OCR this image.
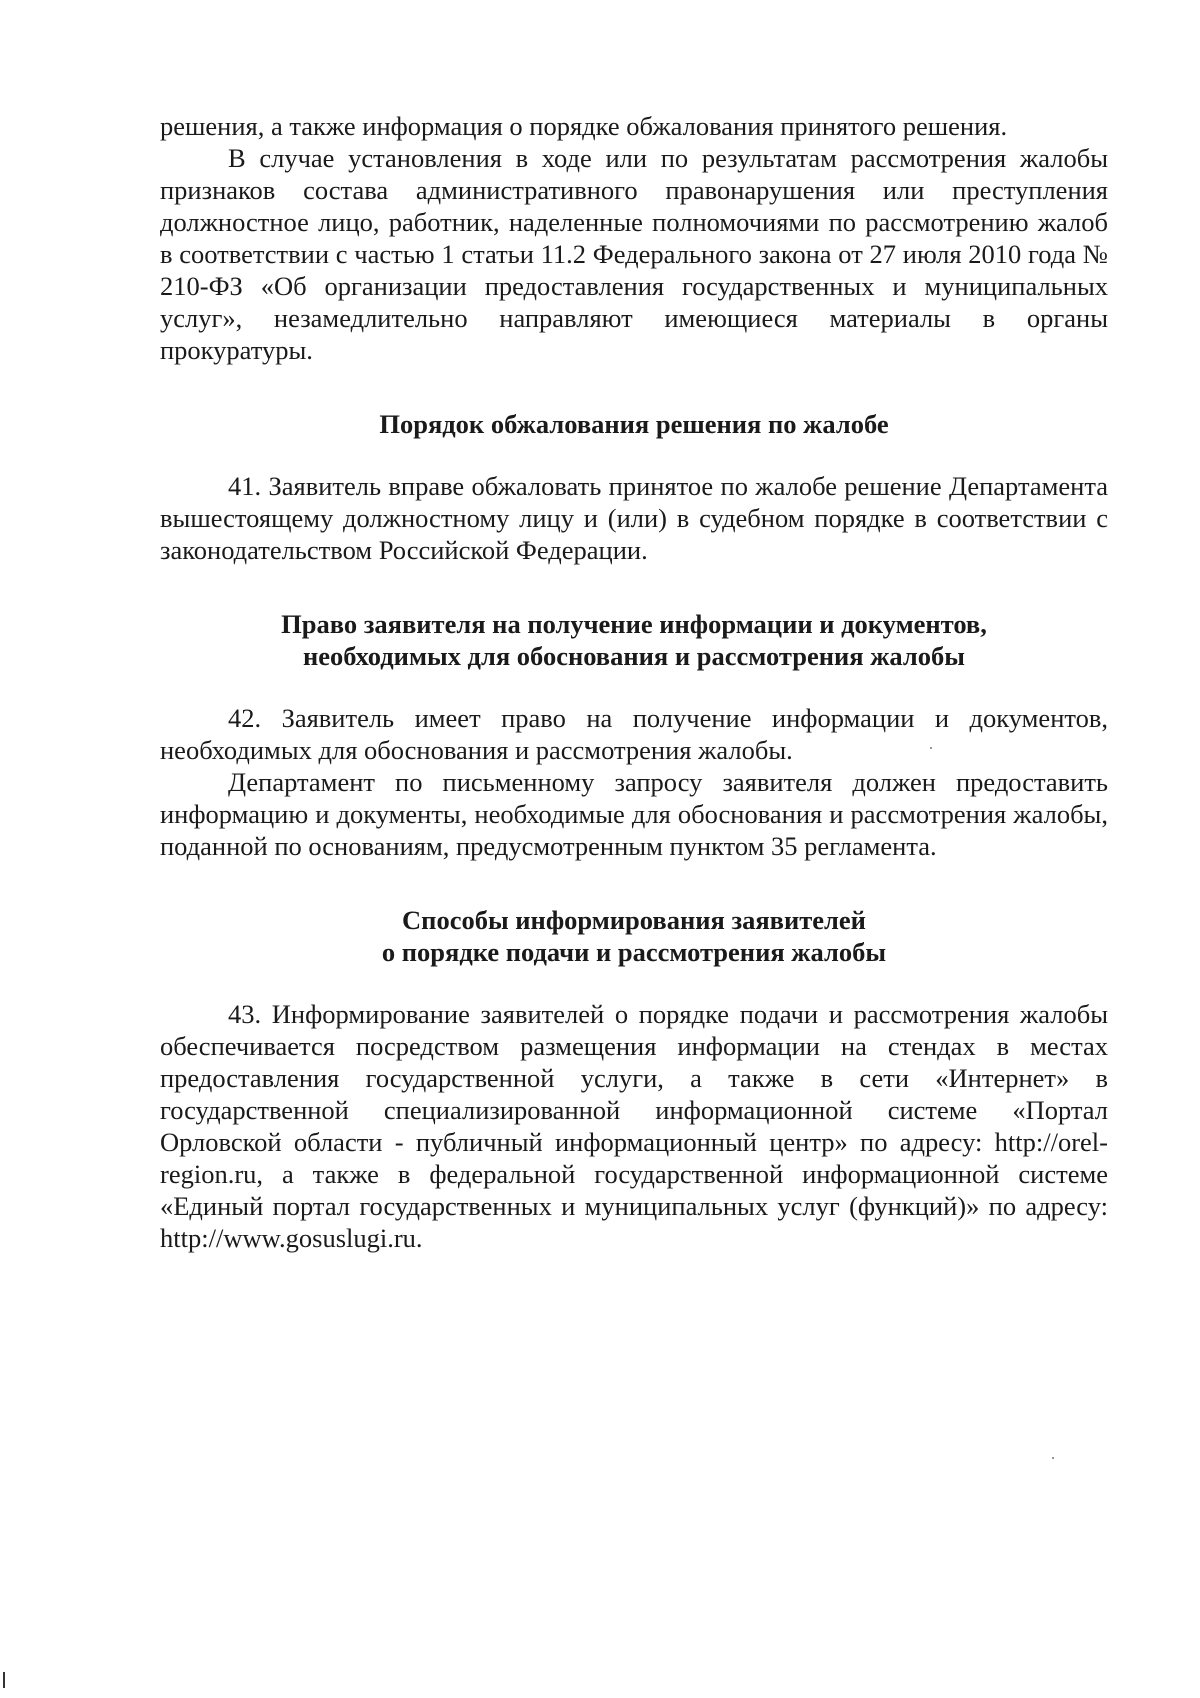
решения, а также информация о порядке обжалования принятого решения.

В случае установления в ходе или по результатам рассмотрения жалобы признаков состава административного правонарушения или преступления должностное лицо, работник, наделенные полномочиями по рассмотрению жалоб в соответствии с частью 1 статьи 11.2 Федерального закона от 27 июля 2010 года № 210-ФЗ «Об организации предоставления государственных и муниципальных услуг», незамедлительно направляют имеющиеся материалы в органы прокуратуры.

Порядок обжалования решения по жалобе

41. Заявитель вправе обжаловать принятое по жалобе решение Департамента вышестоящему должностному лицу и (или) в судебном порядке в соответствии с законодательством Российской Федерации.

Право заявителя на получение информации и документов,
необходимых для обоснования и рассмотрения жалобы

42. Заявитель имеет право на получение информации и документов, необходимых для обоснования и рассмотрения жалобы.

Департамент по письменному запросу заявителя должен предоставить информацию и документы, необходимые для обоснования и рассмотрения жалобы, поданной по основаниям, предусмотренным пунктом 35 регламента.

Способы информирования заявителей
о порядке подачи и рассмотрения жалобы

43. Информирование заявителей о порядке подачи и рассмотрения жалобы обеспечивается посредством размещения информации на стендах в местах предоставления государственной услуги, а также в сети «Интернет» в государственной специализированной информационной системе «Портал Орловской области - публичный информационный центр» по адресу: http://orel-region.ru, а также в федеральной государственной информационной системе «Единый портал государственных и муниципальных услуг (функций)» по адресу: http://www.gosuslugi.ru.
